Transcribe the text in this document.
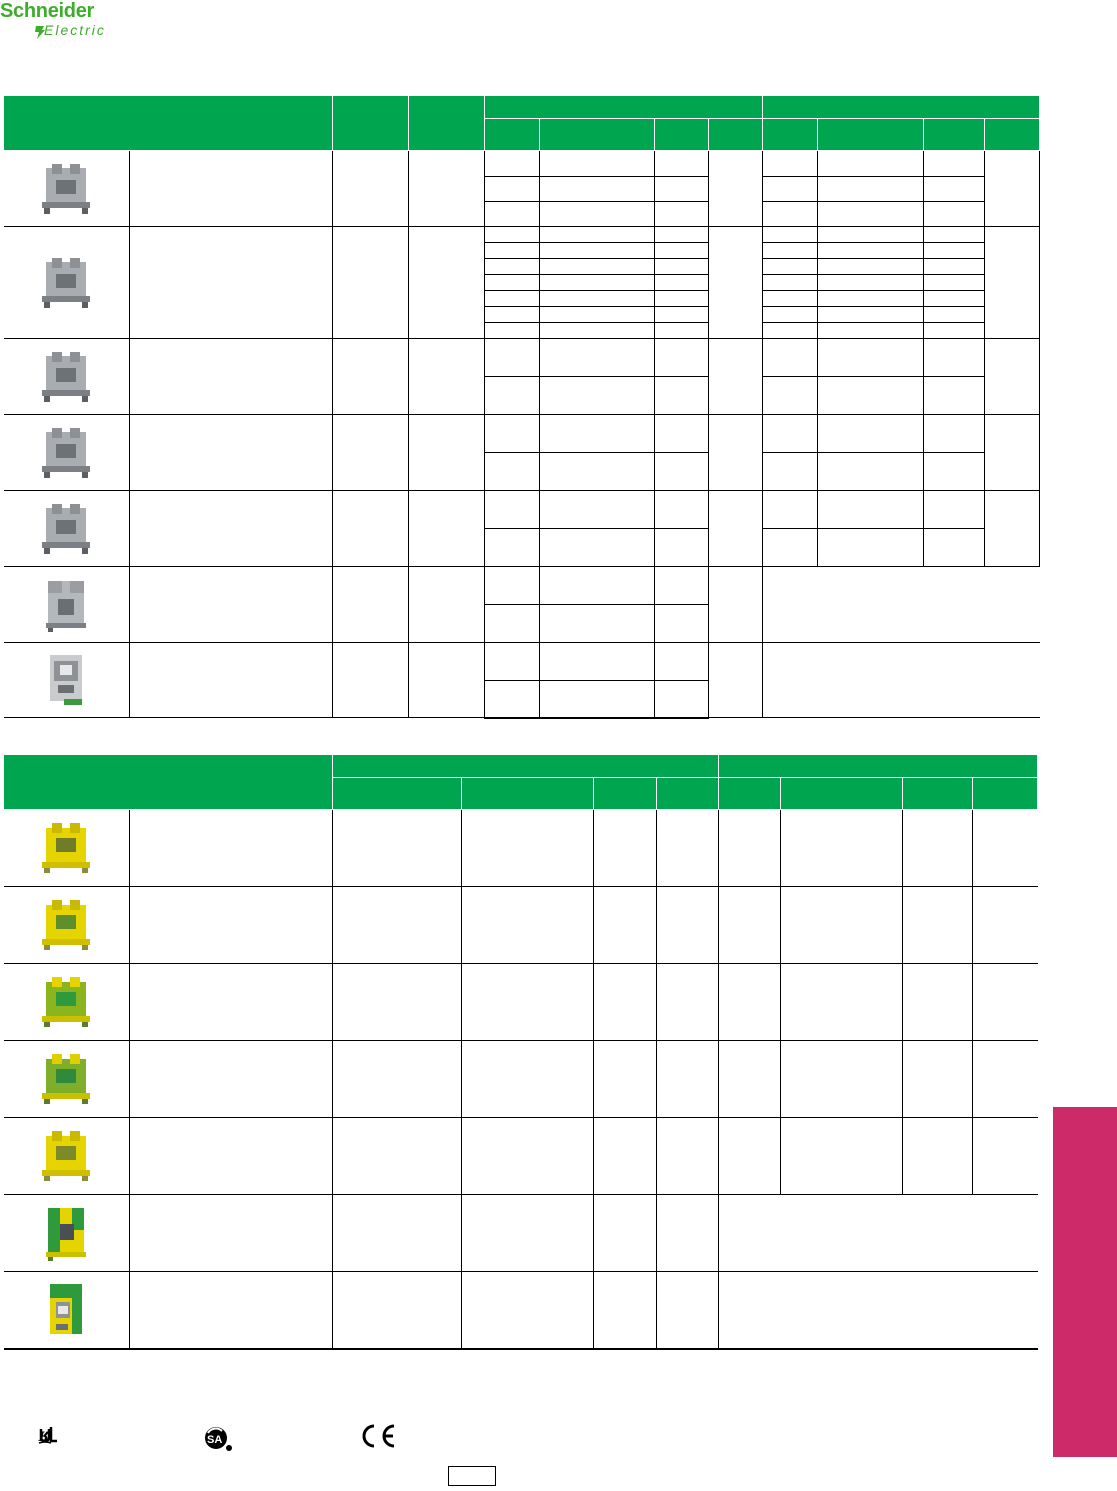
Schneider
Electric

ʁ	SA
